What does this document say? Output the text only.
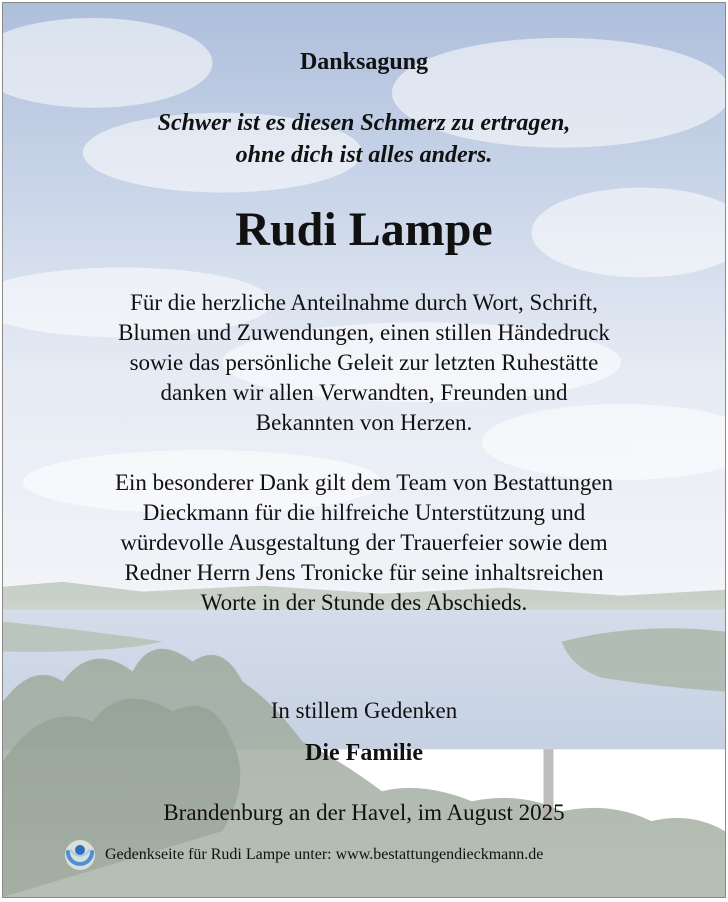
Danksagung
Schwer ist es diesen Schmerz zu ertragen,
ohne dich ist alles anders.
Rudi Lampe
Für die herzliche Anteilnahme durch Wort, Schrift,
Blumen und Zuwendungen, einen stillen Händedruck
sowie das persönliche Geleit zur letzten Ruhestätte
danken wir allen Verwandten, Freunden und
Bekannten von Herzen.
Ein besonderer Dank gilt dem Team von Bestattungen
Dieckmann für die hilfreiche Unterstützung und
würdevolle Ausgestaltung der Trauerfeier sowie dem
Redner Herrn Jens Tronicke für seine inhaltsreichen
Worte in der Stunde des Abschieds.
In stillem Gedenken
Die Familie
Brandenburg an der Havel, im August 2025
Gedenkseite für Rudi Lampe unter: www.bestattungendieckmann.de
